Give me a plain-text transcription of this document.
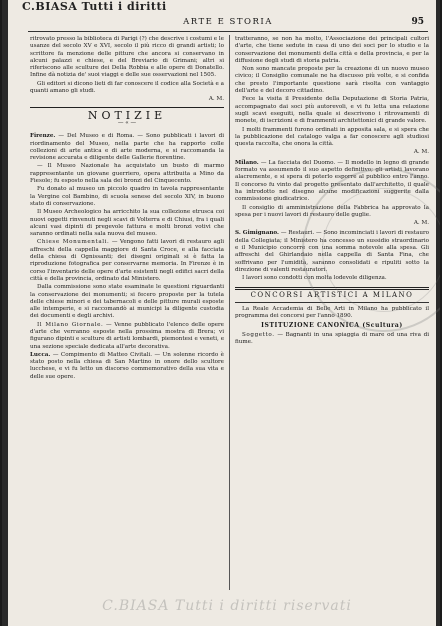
C.BIASA Tutti i diritti
ARTE E STORIA	95

ritrovato presso la biblioteca di Parigi (?) che descrive i costumi e le usanze del secolo XV e XVI, secolo il più ricco di grandi artisti; lo scrittore fa menzione delle pitture che ancora si conservano in alcuni palazzi e chiese, e del Breviario di Grimani; altri si riferiscono alle sculture dei Della Robbia e alle opere di Donatello. Infine dà notizia de' suoi viaggi e delle sue osservazioni nel 1505.

Gli editori si dicono lieti di far conoscere il codice alla Società e a quanti amano gli studi.

A. M.
NOTIZIE
— « —

Firenze. — Del Museo e di Roma. — Sono pubblicati i lavori di riordinamento del Museo, nella parte che ha rapporto colle collezioni di arte antica e di arte moderna, e si raccomanda la revisione accurata e diligente delle Gallerie fiorentine.

— Il Museo Nazionale ha acquistato un busto di marmo rappresentante un giovane guerriero, opera attribuita a Mino da Fiesole; fu esposto nella sala dei bronzi del Cinquecento.

Fu donato al museo un piccolo quadro in tavola rappresentante la Vergine col Bambino, di scuola senese del secolo XIV, in buono stato di conservazione.

Il Museo Archeologico ha arricchito la sua collezione etrusca coi nuovi oggetti rinvenuti negli scavi di Volterra e di Chiusi, fra i quali alcuni vasi dipinti di pregevole fattura e molti bronzi votivi che saranno ordinati nella sala nuova del museo.

Chiese Monumentali. — Vengono fatti lavori di restauro agli affreschi della cappella maggiore di Santa Croce, e alla facciata della chiesa di Ognissanti; dei disegni originali si è fatta la riproduzione fotografica per conservarne memoria. In Firenze è in corso l'inventario delle opere d'arte esistenti negli edifici sacri della città e della provincia, ordinato dal Ministero.

Dalla commissione sono state esaminate le questioni riguardanti la conservazione dei monumenti; si fecero proposte per la tutela delle chiese minori e dei tabernacoli e delle pitture murali esposte alle intemperie, e si raccomandò ai municipi la diligente custodia dei documenti e degli archivi.

Il Milano Giornale. — Venne pubblicato l'elenco delle opere d'arte che verranno esposte nella prossima mostra di Brera; vi figurano dipinti e sculture di artisti lombardi, piemontesi e veneti, e una sezione speciale dedicata all'arte decorativa.

Lucca. — Compimento di Matteo Civitali. — Un solenne ricordo è stato posto nella chiesa di San Martino in onore dello scultore lucchese, e vi fu letto un discorso commemorativo della sua vita e delle sue opere.

tratteranno, se non ha molto, l'Associazione dei principali cultori d'arte, che tiene sedute in casa di uno dei soci per lo studio e la conservazione dei monumenti della città e della provincia, e per la diffusione degli studi di storia patria.

Non sono mancate proposte per la creazione di un nuovo museo civico; il Consiglio comunale ne ha discusso più volte, e si confida che presto l'importante questione sarà risolta con vantaggio dell'arte e del decoro cittadino.

Fece la visita il Presidente della Deputazione di Storia Patria, accompagnato dai soci più autorevoli, e vi fu letta una relazione sugli scavi eseguiti, nella quale si descrivono i ritrovamenti di monete, di iscrizioni e di frammenti architettonici di grande valore.

I molti frammenti furono ordinati in apposita sala, e si spera che la pubblicazione del catalogo valga a far conoscere agli studiosi questa raccolta, che onora la città.

A. M.

Milano. — La facciata del Duomo. — Il modello in legno di grande formato va assumendo il suo aspetto definitivo; gli artisti lavorano alacremente, e si spera di poterlo esporre al pubblico entro l'anno. Il concorso fu vinto dal progetto presentato dall'architetto, il quale ha introdotto nel disegno alcune modificazioni suggerite dalla commissione giudicatrice.

Il consiglio di amministrazione della Fabbrica ha approvato la spesa per i nuovi lavori di restauro delle guglie.

A. M.

S. Gimignano. — Restauri. — Sono incominciati i lavori di restauro della Collegiata; il Ministero ha concesso un sussidio straordinario e il Municipio concorre con una somma notevole alla spesa. Gli affreschi del Ghirlandaio nella cappella di Santa Fina, che soffrivano per l'umidità, saranno consolidati e ripuliti sotto la direzione di valenti restauratori.

I lavori sono condotti con molta lodevole diligenza.

CONCORSI ARTISTICI A MILANO

La Reale Accademia di Belle Arti in Milano ha pubblicato il programma dei concorsi per l'anno 1890.

ISTITUZIONE CANONICA (Scultura)

Soggetto. — Bagnanti in una spiaggia di mare od una riva di fiume.

C.BIASA Tutti i diritti riservati
